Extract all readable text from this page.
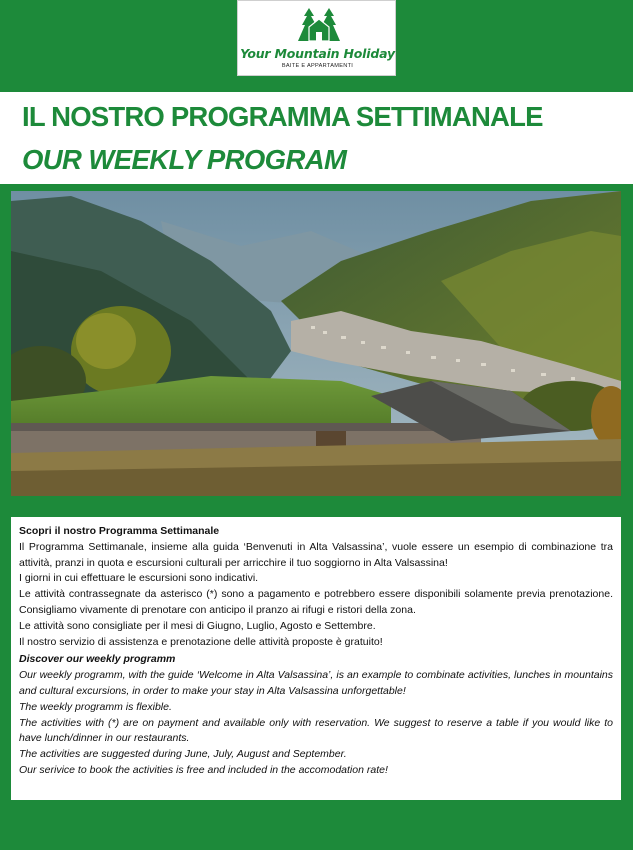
Your Mountain Holiday
BAITE E APPARTAMENTI
IL NOSTRO PROGRAMMA SETTIMANALE
OUR WEEKLY PROGRAM

Scopri il nostro Programma Settimanale

Il Programma Settimanale, insieme alla guida ‘Benvenuti in Alta Valsassina’, vuole essere un esempio di combinazione tra attività, pranzi in quota e escursioni culturali per arricchire il tuo soggiorno in Alta Valsassina!

I giorni in cui effettuare le escursioni sono indicativi.

Le attività contrassegnate da asterisco (*) sono a pagamento e potrebbero essere disponibili solamente previa prenotazione. Consigliamo vivamente di prenotare con anticipo il pranzo ai rifugi e ristori della zona.

Le attività sono consigliate per il mesi di Giugno, Luglio, Agosto e Settembre.

Il nostro servizio di assistenza e prenotazione delle attività proposte è gratuito!

Discover our weekly programm

Our weekly programm, with the guide ‘Welcome in Alta Valsassina’, is an example to combinate activities, lunches in mountains and cultural excursions, in order to make your stay in Alta Valsassina unforgettable!

The weekly programm is flexible.

The activities with (*) are on payment and available only with reservation. We suggest to reserve a table if you would like to have lunch/dinner in our restaurants.

The activities are suggested during June, July, August and September.

Our serivice to book the activities is free and included in the accomodation rate!
